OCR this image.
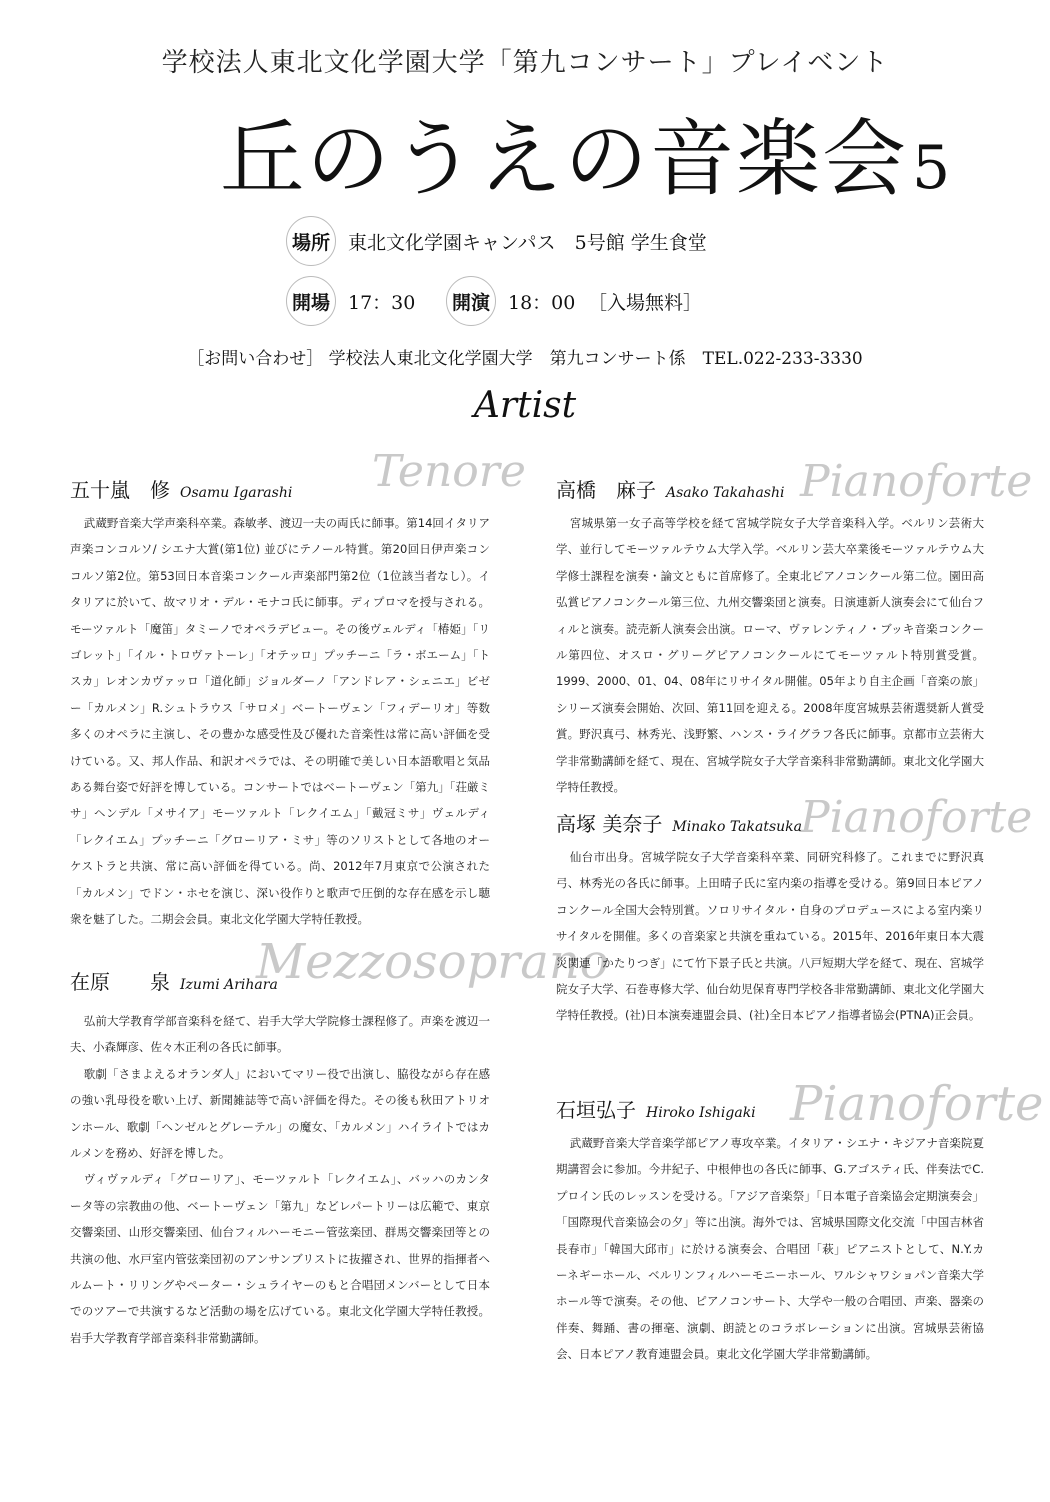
学校法人東北文化学園大学「第九コンサート」プレイベント
丘のうえの音楽会5
場所 東北文化学園キャンパス　5号館 学生食堂
開場 17：30	開演 18：00 ［入場無料］
［お問い合わせ］ 学校法人東北文化学園大学　第九コンサート係　TEL.022-233-3330
Artist
Tenore
五十嵐　修 Osamu Igarashi

武蔵野音楽大学声楽科卒業。森敏孝、渡辺一夫の両氏に師事。第14回イタリア声楽コンコルソ/ シエナ大賞(第1位) 並びにテノール特賞。第20回日伊声楽コンコルソ第2位。第53回日本音楽コンクール声楽部門第2位（1位該当者なし）。イタリアに於いて、故マリオ・デル・モナコ氏に師事。ディプロマを授与される。モーツァルト「魔笛」タミーノでオペラデビュー。その後ヴェルディ「椿姫」「リゴレット」「イル・トロヴァトーレ」「オテッロ」プッチーニ「ラ・ボエーム」「トスカ」レオンカヴァッロ「道化師」ジョルダーノ「アンドレア・シェニエ」ビゼー「カルメン」R.シュトラウス「サロメ」ベートーヴェン「フィデーリオ」等数多くのオペラに主演し、その豊かな感受性及び優れた音楽性は常に高い評価を受けている。又、邦人作品、和訳オペラでは、その明確で美しい日本語歌唱と気品ある舞台姿で好評を博している。コンサートではベートーヴェン「第九」「荘厳ミサ」ヘンデル「メサイア」モーツァルト「レクイエム」「戴冠ミサ」ヴェルディ「レクイエム」プッチーニ「グローリア・ミサ」等のソリストとして各地のオーケストラと共演、常に高い評価を得ている。尚、2012年7月東京で公演された「カルメン」でドン・ホセを演じ、深い役作りと歌声で圧倒的な存在感を示し聴衆を魅了した。二期会会員。東北文化学園大学特任教授。

Mezzosoprano
在原　　泉 Izumi Arihara

弘前大学教育学部音楽科を経て、岩手大学大学院修士課程修了。声楽を渡辺一夫、小森輝彦、佐々木正利の各氏に師事。

歌劇「さまよえるオランダ人」においてマリー役で出演し、脇役ながら存在感の強い乳母役を歌い上げ、新聞雑誌等で高い評価を得た。その後も秋田アトリオンホール、歌劇「ヘンゼルとグレーテル」の魔女、「カルメン」ハイライトではカルメンを務め、好評を博した。

ヴィヴァルディ「グローリア」、モーツァルト「レクイエム」、バッハのカンタータ等の宗教曲の他、ベートーヴェン「第九」などレパートリーは広範で、東京交響楽団、山形交響楽団、仙台フィルハーモニー管弦楽団、群馬交響楽団等との共演の他、水戸室内管弦楽団初のアンサンブリストに抜擢され、世界的指揮者ヘルムート・リリングやペーター・シュライヤーのもと合唱団メンバーとして日本でのツアーで共演するなど活動の場を広げている。東北文化学園大学特任教授。岩手大学教育学部音楽科非常勤講師。

Pianoforte
高橋　麻子 Asako Takahashi

宮城県第一女子高等学校を経て宮城学院女子大学音楽科入学。ベルリン芸術大学、並行してモーツァルテウム大学入学。ベルリン芸大卒業後モーツァルテウム大学修士課程を演奏・論文ともに首席修了。全東北ピアノコンクール第二位。園田高弘賞ピアノコンクール第三位、九州交響楽団と演奏。日演連新人演奏会にて仙台フィルと演奏。読売新人演奏会出演。ローマ、ヴァレンティノ・ブッキ音楽コンクール第四位、オスロ・グリーグピアノコンクールにてモーツァルト特別賞受賞。1999、2000、01、04、08年にリサイタル開催。05年より自主企画「音楽の旅」シリーズ演奏会開始、次回、第11回を迎える。2008年度宮城県芸術選奨新人賞受賞。野沢真弓、林秀光、浅野繁、ハンス・ライグラフ各氏に師事。京都市立芸術大学非常勤講師を経て、現在、宮城学院女子大学音楽科非常勤講師。東北文化学園大学特任教授。

Pianoforte
高塚 美奈子 Minako Takatsuka

仙台市出身。宮城学院女子大学音楽科卒業、同研究科修了。これまでに野沢真弓、林秀光の各氏に師事。上田晴子氏に室内楽の指導を受ける。第9回日本ピアノコンクール全国大会特別賞。ソロリサイタル・自身のプロデュースによる室内楽リサイタルを開催。多くの音楽家と共演を重ねている。2015年、2016年東日本大震災関連「かたりつぎ」にて竹下景子氏と共演。八戸短期大学を経て、現在、宮城学院女子大学、石巻専修大学、仙台幼児保育専門学校各非常勤講師、東北文化学園大学特任教授。(社)日本演奏連盟会員、(社)全日本ピアノ指導者協会(PTNA)正会員。

Pianoforte
石垣弘子 Hiroko Ishigaki

武蔵野音楽大学音楽学部ピアノ専攻卒業。イタリア・シエナ・キジアナ音楽院夏期講習会に参加。今井紀子、中根伸也の各氏に師事、G.アゴスティ氏、伴奏法でC.プロイン氏のレッスンを受ける。「アジア音楽祭」「日本電子音楽協会定期演奏会」「国際現代音楽協会の夕」等に出演。海外では、宮城県国際文化交流「中国吉林省長春市」「韓国大邱市」に於ける演奏会、合唱団「萩」ピアニストとして、N.Y.カーネギーホール、ベルリンフィルハーモニーホール、ワルシャワショパン音楽大学ホール等で演奏。その他、ピアノコンサート、大学や一般の合唱団、声楽、器楽の伴奏、舞踊、書の揮毫、演劇、朗読とのコラボレーションに出演。宮城県芸術協会、日本ピアノ教育連盟会員。東北文化学園大学非常勤講師。
